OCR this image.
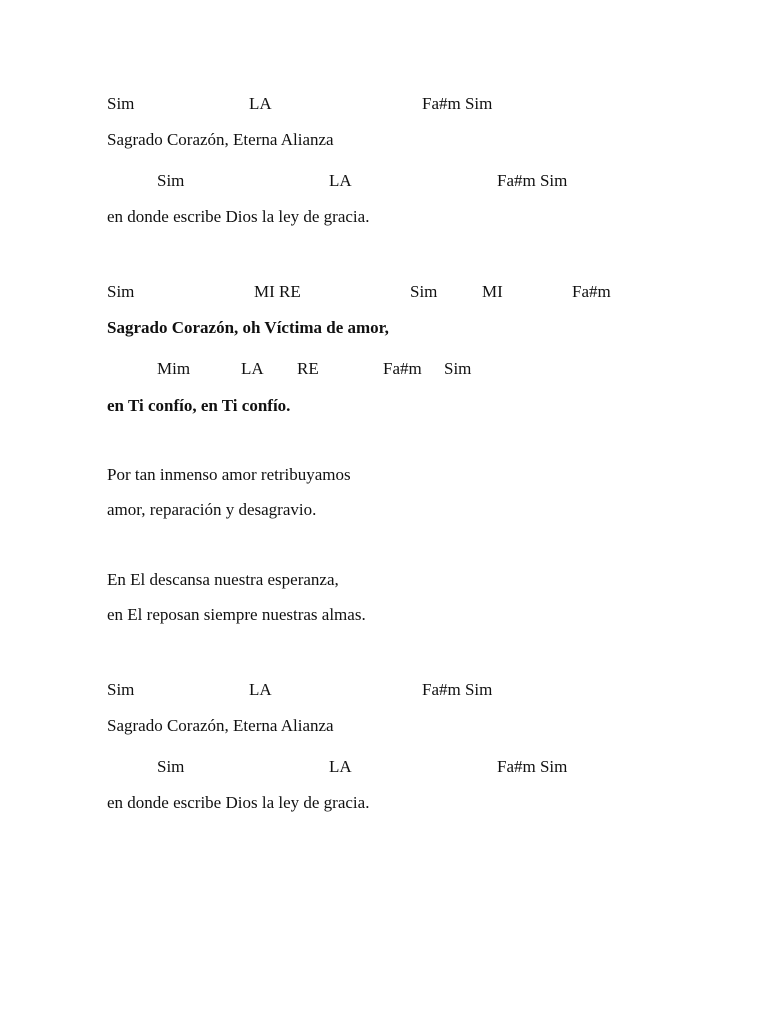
Sim	LA	Fa#m Sim
Sagrado Corazón, Eterna Alianza
Sim	LA	Fa#m Sim
en donde escribe Dios la ley de gracia.
Sim	MI RE	Sim	MI	Fa#m
Sagrado Corazón, oh Víctima de amor,
Mim	LA RE	Fa#m Sim
en Ti confío, en Ti confío.
Por tan inmenso amor retribuyamos
amor, reparación y desagravio.
En El descansa nuestra esperanza,
en El reposan siempre nuestras almas.
Sim	LA	Fa#m Sim
Sagrado Corazón, Eterna Alianza
Sim	LA	Fa#m Sim
en donde escribe Dios la ley de gracia.
